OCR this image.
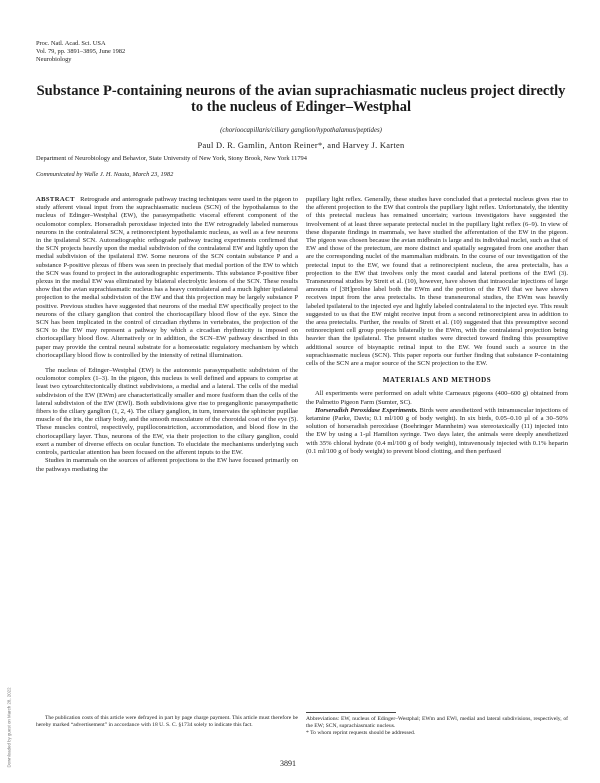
Proc. Natl. Acad. Sci. USA
Vol. 79, pp. 3891–3895, June 1982
Neurobiology
Substance P-containing neurons of the avian suprachiasmatic nucleus project directly to the nucleus of Edinger–Westphal
(chorioocapillaris/ciliary ganglion/hypothalamus/peptides)
Paul D. R. Gamlin, Anton Reiner*, and Harvey J. Karten
Department of Neurobiology and Behavior, State University of New York, Stony Brook, New York 11794
Communicated by Walle J. H. Nauta, March 23, 1982

ABSTRACT Retrograde and anterograde pathway tracing techniques were used in the pigeon to study afferent visual input from the suprachiasmatic nucleus (SCN) of the hypothalamus to the nucleus of Edinger–Westphal (EW), the parasympathetic visceral efferent component of the oculomotor complex. Horseradish peroxidase injected into the EW retrogradely labeled numerous neurons in the contralateral SCN, a retinorecipient hypothalamic nucleus, as well as a few neurons in the ipsilateral SCN. Autoradiographic orthograde pathway tracing experiments confirmed that the SCN projects heavily upon the medial subdivision of the contralateral EW and lightly upon the medial subdivision of the ipsilateral EW. Some neurons of the SCN contain substance P and a substance P-positive plexus of fibers was seen in precisely that medial portion of the EW to which the SCN was found to project in the autoradiographic experiments. This substance P-positive fiber plexus in the medial EW was eliminated by bilateral electrolytic lesions of the SCN. These results show that the avian suprachiasmatic nucleus has a heavy contralateral and a much lighter ipsilateral projection to the medial subdivision of the EW and that this projection may be largely substance P positive. Previous studies have suggested that neurons of the medial EW specifically project to the neurons of the ciliary ganglion that control the choriocapillary blood flow of the eye. Since the SCN has been implicated in the control of circadian rhythms in vertebrates, the projection of the SCN to the EW may represent a pathway by which a circadian rhythmicity is imposed on choriocapillary blood flow. Alternatively or in addition, the SCN–EW pathway described in this paper may provide the central neural substrate for a homeostatic regulatory mechanism by which choriocapillary blood flow is controlled by the intensity of retinal illumination.

The nucleus of Edinger–Westphal (EW) is the autonomic parasympathetic subdivision of the oculomotor complex (1–3). In the pigeon, this nucleus is well defined and appears to comprise at least two cytoarchitectonically distinct subdivisions, a medial and a lateral. The cells of the medial subdivision of the EW (EWm) are characteristically smaller and more fusiform than the cells of the lateral subdivision of the EW (EWl). Both subdivisions give rise to preganglionic parasympathetic fibers to the ciliary ganglion (1, 2, 4). The ciliary ganglion, in turn, innervates the sphincter pupillae muscle of the iris, the ciliary body, and the smooth musculature of the choroidal coat of the eye (5). These muscles control, respectively, pupilloconstriction, accommodation, and blood flow in the choriocapillary layer. Thus, neurons of the EW, via their projection to the ciliary ganglion, could exert a number of diverse effects on ocular function. To elucidate the mechanisms underlying such controls, particular attention has been focused on the afferent inputs to the EW.

Studies in mammals on the sources of afferent projections to the EW have focused primarily on the pathways mediating the

pupillary light reflex. Generally, these studies have concluded that a pretectal nucleus gives rise to the afferent projection to the EW that controls the pupillary light reflex. Unfortunately, the identity of this pretectal nucleus has remained uncertain; various investigators have suggested the involvement of at least three separate pretectal nuclei in the pupillary light reflex (6–9). In view of these disparate findings in mammals, we have studied the afferentation of the EW in the pigeon. The pigeon was chosen because the avian midbrain is large and its individual nuclei, such as that of EW and those of the pretectum, are more distinct and spatially segregated from one another than are the corresponding nuclei of the mammalian midbrain. In the course of our investigation of the pretectal input to the EW, we found that a retinorecipient nucleus, the area pretectalis, has a projection to the EW that involves only the most caudal and lateral portions of the EWl (3). Transneuronal studies by Streit et al. (10), however, have shown that intraocular injections of large amounts of [3H]proline label both the EWm and the portion of the EWl that we have shown receives input from the area pretectalis. In these transneuronal studies, the EWm was heavily labeled ipsilateral to the injected eye and lightly labeled contralateral to the injected eye. This result suggested to us that the EW might receive input from a second retinorecipient area in addition to the area pretectalis. Further, the results of Streit et al. (10) suggested that this presumptive second retinorecipient cell group projects bilaterally to the EWm, with the contralateral projection being heavier than the ipsilateral. The present studies were directed toward finding this presumptive additional source of bisynaptic retinal input to the EW. We found such a source in the suprachiasmatic nucleus (SCN). This paper reports our further finding that substance P-containing cells of the SCN are a major source of the SCN projection to the EW.

MATERIALS AND METHODS

All experiments were performed on adult white Carneaux pigeons (400–600 g) obtained from the Palmetto Pigeon Farm (Sumter, SC).

Horseradish Peroxidase Experiments. Birds were anesthetized with intramuscular injections of ketamine (Parke, Davis; 0.1 ml/100 g of body weight). In six birds, 0.05–0.10 µl of a 30–50% solution of horseradish peroxidase (Boehringer Mannheim) was stereotaxically (11) injected into the EW by using a 1-µl Hamilton syringe. Two days later, the animals were deeply anesthetized with 35% chloral hydrate (0.4 ml/100 g of body weight), intravenously injected with 0.1% heparin (0.1 ml/100 g of body weight) to prevent blood clotting, and then perfused

The publication costs of this article were defrayed in part by page charge payment. This article must therefore be hereby marked “advertisement” in accordance with 18 U. S. C. §1734 solely to indicate this fact.

Abbreviations: EW, nucleus of Edinger–Westphal; EWm and EWl, medial and lateral subdivisions, respectively, of the EW; SCN, suprachiasmatic nucleus.

* To whom reprint requests should be addressed.

3891
Downloaded by guest on March 28, 2022
